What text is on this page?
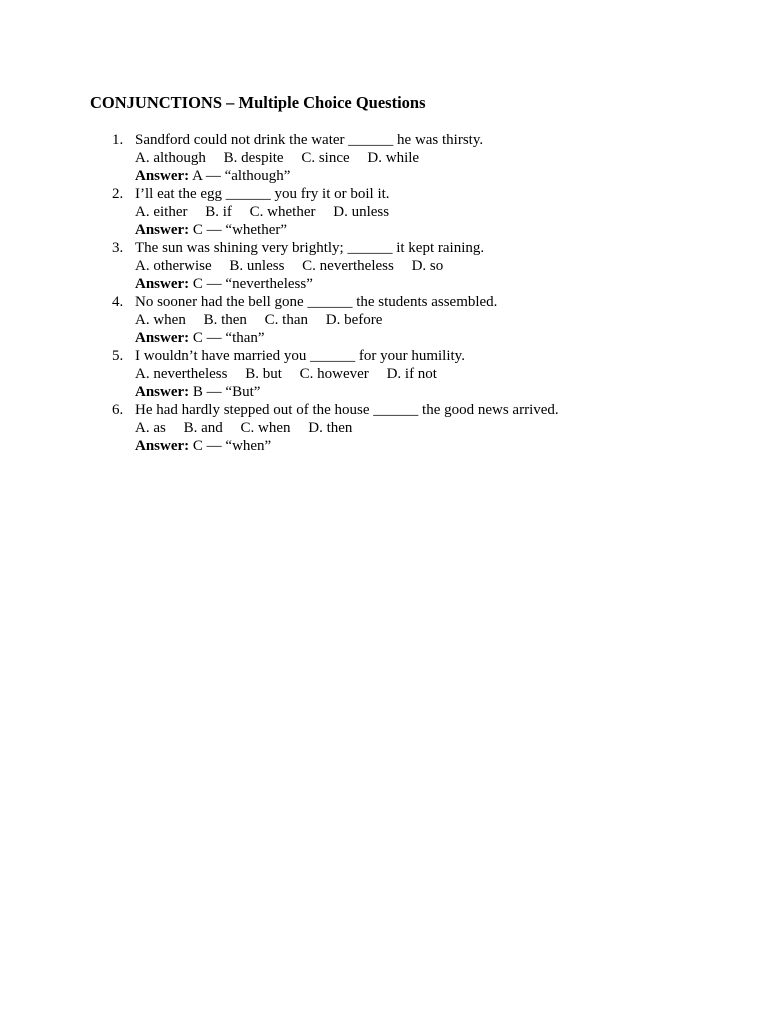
CONJUNCTIONS – Multiple Choice Questions
1. Sandford could not drink the water ______ he was thirsty.
A. although B. despite C. since D. while
Answer: A — “although”
2. I’ll eat the egg ______ you fry it or boil it.
A. either B. if C. whether D. unless
Answer: C — “whether”
3. The sun was shining very brightly; ______ it kept raining.
A. otherwise B. unless C. nevertheless D. so
Answer: C — “nevertheless”
4. No sooner had the bell gone ______ the students assembled.
A. when B. then C. than D. before
Answer: C — “than”
5. I wouldn’t have married you ______ for your humility.
A. nevertheless B. but C. however D. if not
Answer: B — “But”
6. He had hardly stepped out of the house ______ the good news arrived.
A. as B. and C. when D. then
Answer: C — “when”
